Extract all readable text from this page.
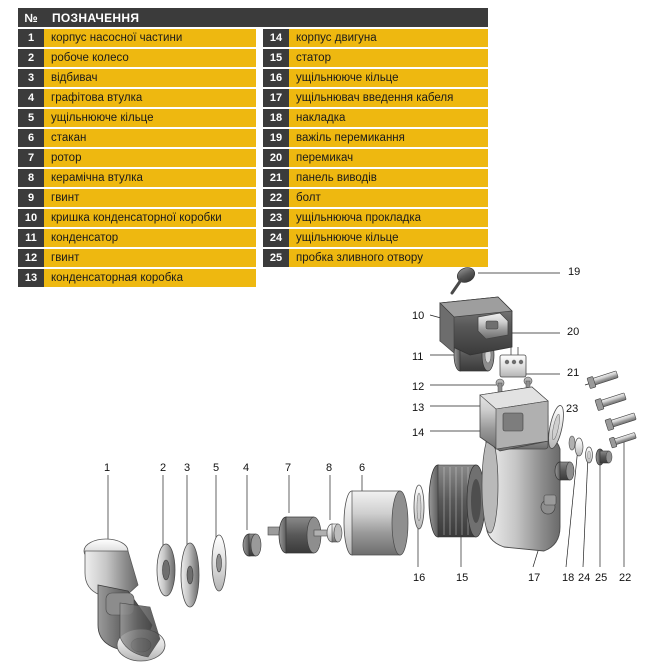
№	ПОЗНАЧЕННЯ
1	корпус насосної частини
2	робоче колесо
3	відбивач
4	графітова втулка
5	ущільнююче кільце
6	стакан
7	ротор
8	керамічна втулка
9	гвинт
10	кришка конденсаторної коробки
11	конденсатор
12	гвинт
13	конденсаторная коробка
14	корпус двигуна
15	статор
16	ущільнююче кільце
17	ущільнювач введення кабеля
18	накладка
19	важіль перемикання
20	перемикач
21	панель виводів
22	болт
23	ущільнююча прокладка
24	ущільнююче кільце
25	пробка зливного отвору
19
10
20
11
21
12
13	23
14
1	2 3 5 4	7	8 6
16	15	17 18 24 25 22
